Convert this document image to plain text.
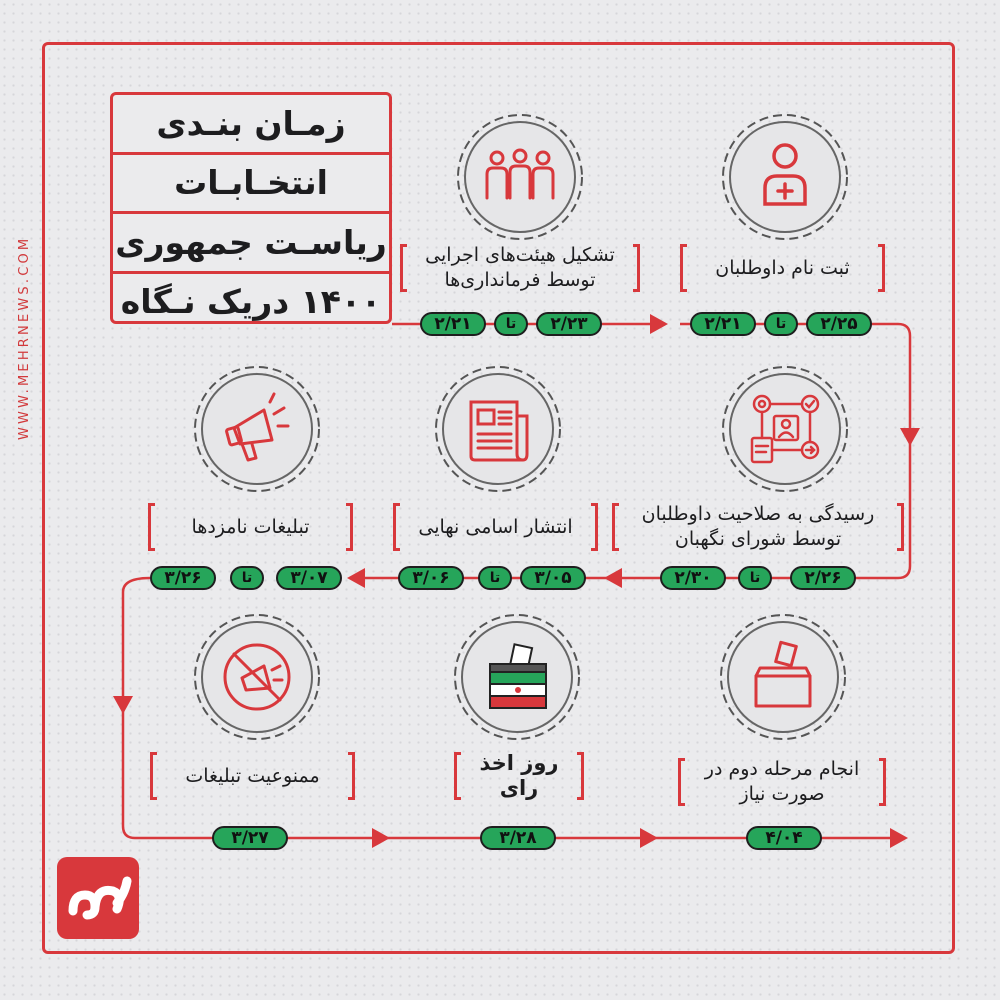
WWW.MEHRNEWS.COM
زمـان بنـدی
انتخـابـات
ریاسـت جمهوری
۱۴۰۰ دریک نـگاه
ثبت نام داوطلبان
تشکیل هیئت‌های اجرایی
توسط فرمانداری‌ها
۲/۲۱	تا	۲/۲۵
۲/۲۱	تا	۲/۲۳
رسیدگی به صلاحیت داوطلبان
توسط شورای نگهبان
انتشار اسامی نهایی
تبلیغات نامزدها
۲/۳۰	تا	۲/۲۶
۳/۰۶	تا	۳/۰۵
۳/۲۶	تا	۳/۰۷
ممنوعیت تبلیغات
روز اخذ رای
انجام مرحله دوم در
صورت نیاز
۳/۲۷	۳/۲۸	۴/۰۴
